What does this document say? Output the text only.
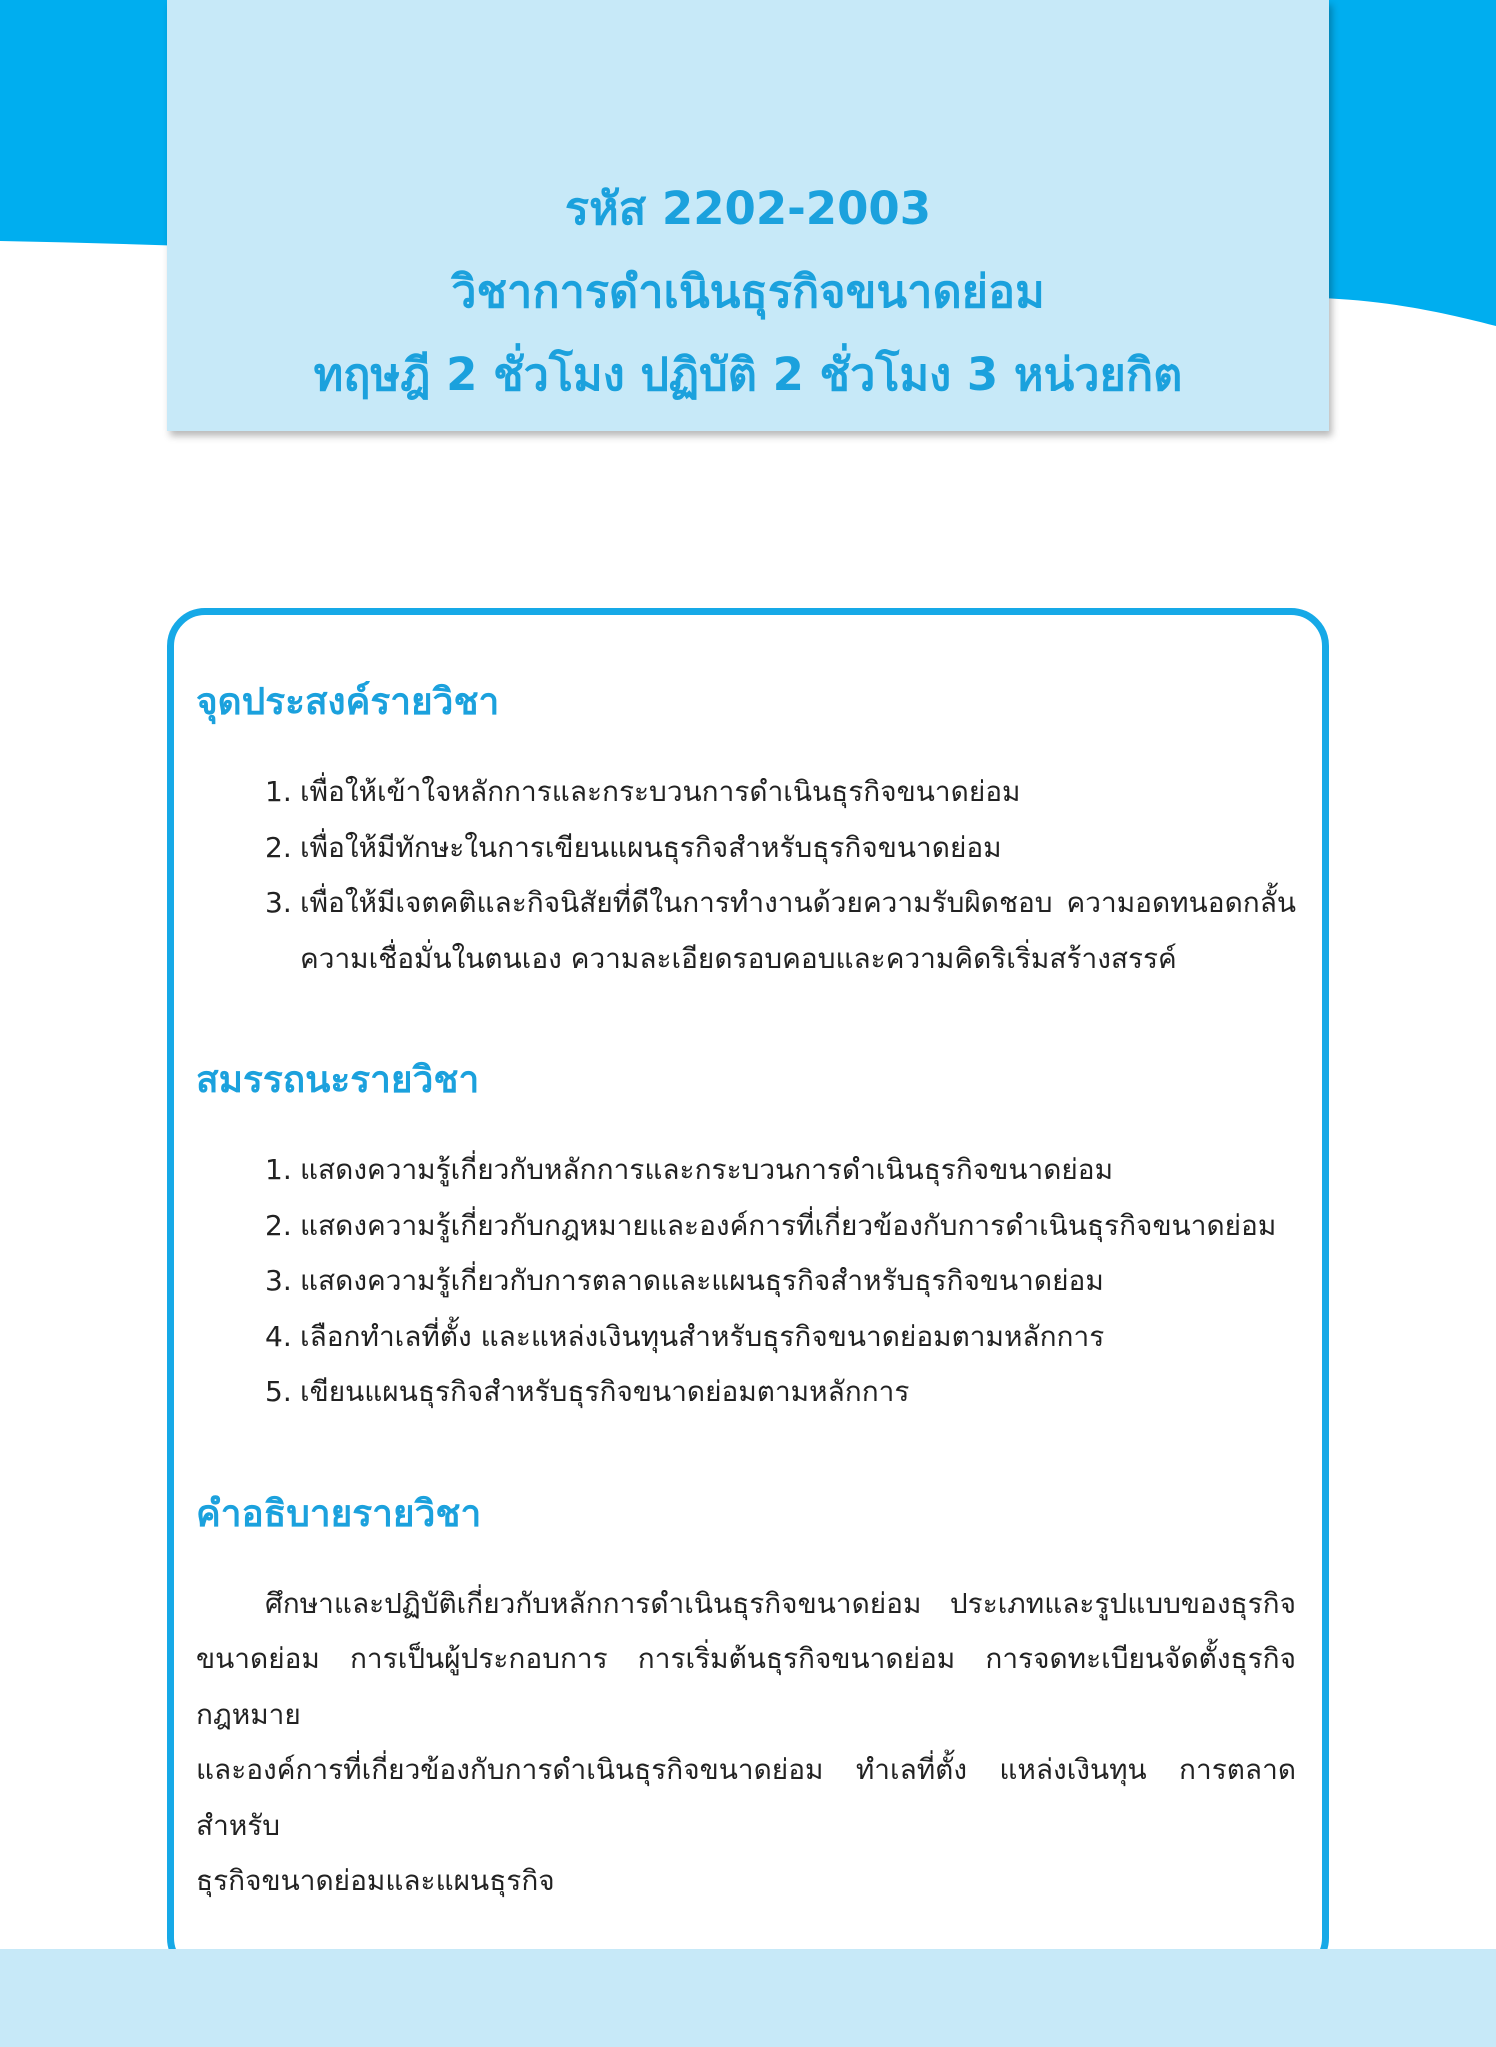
รหัส 2202-2003
วิชาการดำเนินธุรกิจขนาดย่อม
ทฤษฎี 2 ชั่วโมง ปฏิบัติ 2 ชั่วโมง 3 หน่วยกิต
จุดประสงค์รายวิชา
1. เพื่อให้เข้าใจหลักการและกระบวนการดำเนินธุรกิจขนาดย่อม
2. เพื่อให้มีทักษะในการเขียนแผนธุรกิจสำหรับธุรกิจขนาดย่อม
3. เพื่อให้มีเจตคติและกิจนิสัยที่ดีในการทำงานด้วยความรับผิดชอบ ความอดทนอดกลั้น ความเชื่อมั่นในตนเอง ความละเอียดรอบคอบและความคิดริเริ่มสร้างสรรค์
สมรรถนะรายวิชา
1. แสดงความรู้เกี่ยวกับหลักการและกระบวนการดำเนินธุรกิจขนาดย่อม
2. แสดงความรู้เกี่ยวกับกฎหมายและองค์การที่เกี่ยวข้องกับการดำเนินธุรกิจขนาดย่อม
3. แสดงความรู้เกี่ยวกับการตลาดและแผนธุรกิจสำหรับธุรกิจขนาดย่อม
4. เลือกทำเลที่ตั้ง และแหล่งเงินทุนสำหรับธุรกิจขนาดย่อมตามหลักการ
5. เขียนแผนธุรกิจสำหรับธุรกิจขนาดย่อมตามหลักการ
คำอธิบายรายวิชา
ศึกษาและปฏิบัติเกี่ยวกับหลักการดำเนินธุรกิจขนาดย่อม ประเภทและรูปแบบของธุรกิจ
ขนาดย่อม การเป็นผู้ประกอบการ การเริ่มต้นธุรกิจขนาดย่อม การจดทะเบียนจัดตั้งธุรกิจ กฎหมาย
และองค์การที่เกี่ยวข้องกับการดำเนินธุรกิจขนาดย่อม ทำเลที่ตั้ง แหล่งเงินทุน การตลาดสำหรับ
ธุรกิจขนาดย่อมและแผนธุรกิจ
